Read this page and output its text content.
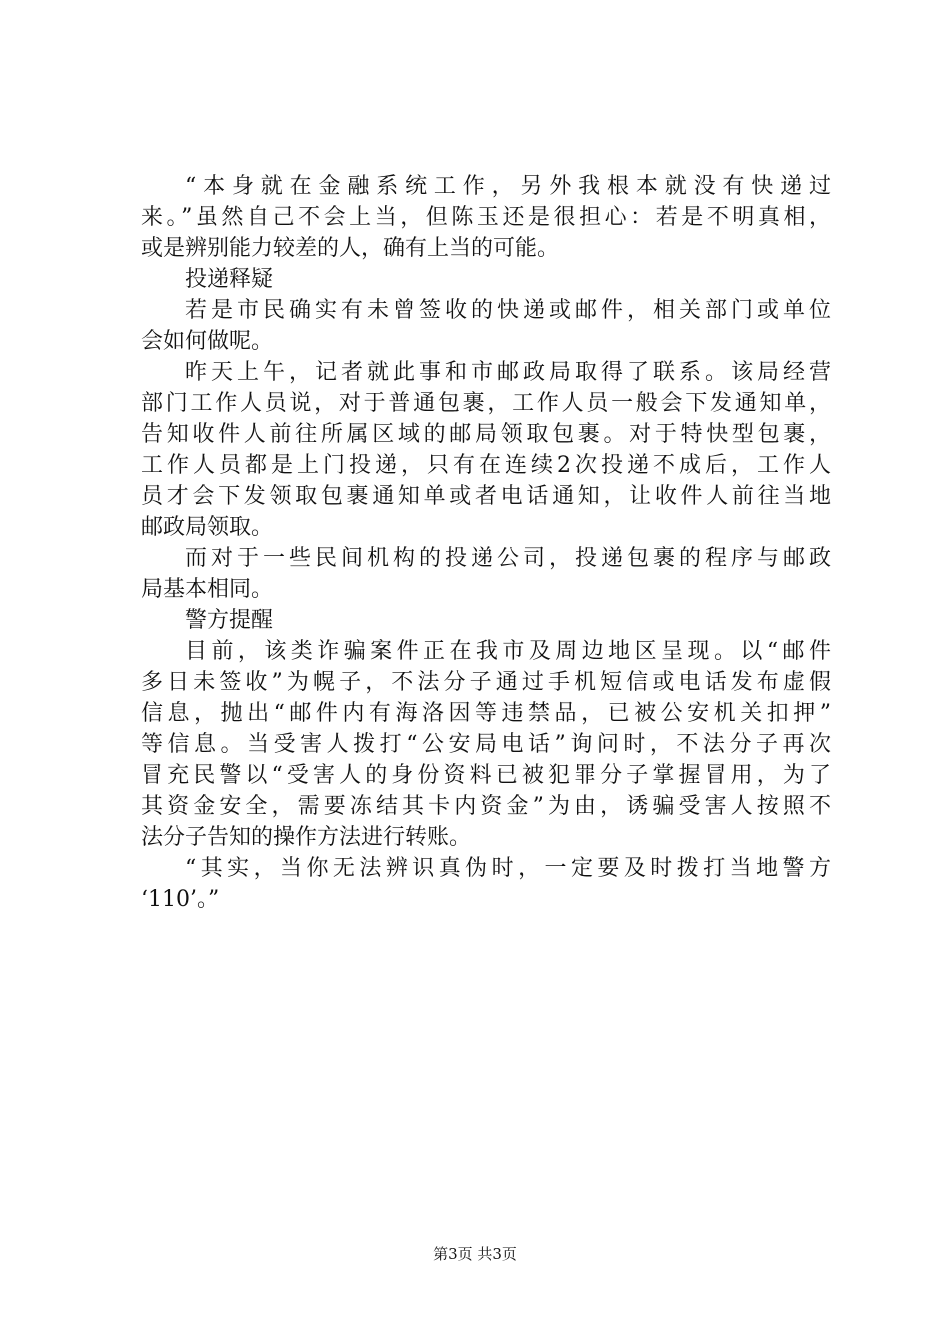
“本身就在金融系统工作，另外我根本就没有快递过
来。”虽然自己不会上当，但陈玉还是很担心：若是不明真相，
或是辨别能力较差的人，确有上当的可能。
投递释疑
若是市民确实有未曾签收的快递或邮件，相关部门或单位
会如何做呢。
昨天上午，记者就此事和市邮政局取得了联系。该局经营
部门工作人员说，对于普通包裹，工作人员一般会下发通知单，
告知收件人前往所属区域的邮局领取包裹。对于特快型包裹，
工作人员都是上门投递，只有在连续2次投递不成后，工作人
员才会下发领取包裹通知单或者电话通知，让收件人前往当地
邮政局领取。
而对于一些民间机构的投递公司，投递包裹的程序与邮政
局基本相同。
警方提醒
目前，该类诈骗案件正在我市及周边地区呈现。以“邮件
多日未签收”为幌子，不法分子通过手机短信或电话发布虚假
信息，抛出“邮件内有海洛因等违禁品，已被公安机关扣押”
等信息。当受害人拨打“公安局电话”询问时，不法分子再次
冒充民警以“受害人的身份资料已被犯罪分子掌握冒用，为了
其资金安全，需要冻结其卡内资金”为由，诱骗受害人按照不
法分子告知的操作方法进行转账。
“其实，当你无法辨识真伪时，一定要及时拨打当地警方
‘110’。”
第3页 共3页
